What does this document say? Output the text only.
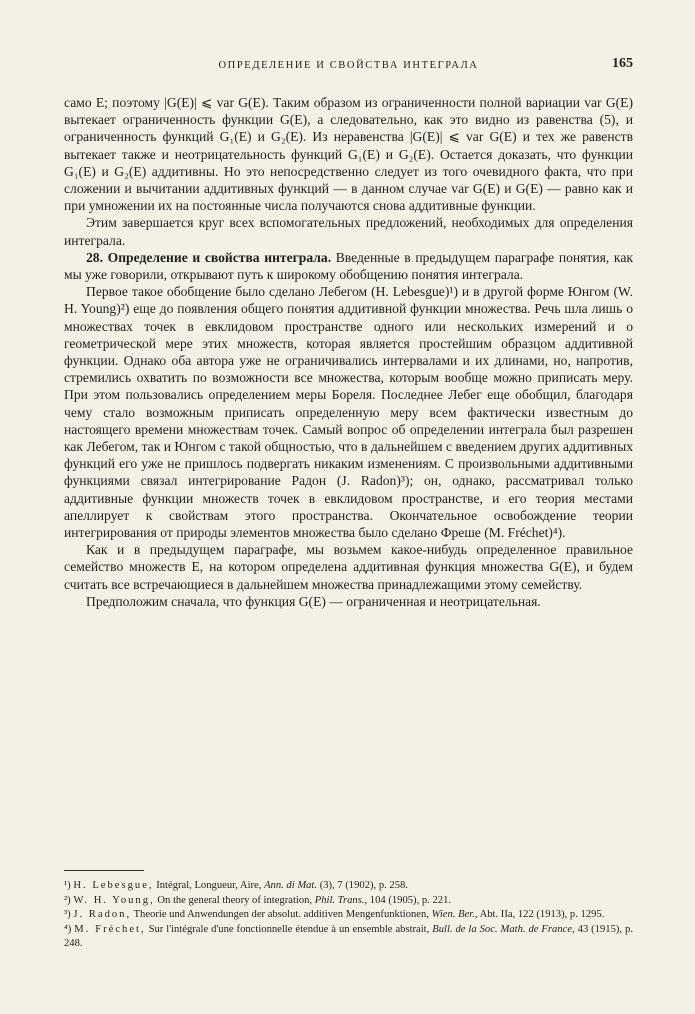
ОПРЕДЕЛЕНИЕ И СВОЙСТВА ИНТЕГРАЛА	165

само E; поэтому |G(E)| ⩽ var G(E). Таким образом из ограниченности полной вариации var G(E) вытекает ограниченность функции G(E), а следовательно, как это видно из равенства (5), и ограниченность функций G₁(E) и G₂(E). Из неравенства |G(E)| ⩽ var G(E) и тех же равенств вытекает также и неотрицательность функций G₁(E) и G₂(E). Остается доказать, что функции G₁(E) и G₂(E) аддитивны. Но это непосредственно следует из того очевидного факта, что при сложении и вычитании аддитивных функций — в данном случае var G(E) и G(E) — равно как и при умножении их на постоянные числа получаются снова аддитивные функции.

Этим завершается круг всех вспомогательных предложений, необходимых для определения интеграла.

28. Определение и свойства интеграла. Введенные в предыдущем параграфе понятия, как мы уже говорили, открывают путь к широкому обобщению понятия интеграла.

Первое такое обобщение было сделано Лебегом (H. Lebesgue)¹) и в другой форме Юнгом (W. H. Young)²) еще до появления общего понятия аддитивной функции множества. Речь шла лишь о множествах точек в евклидовом пространстве одного или нескольких измерений и о геометрической мере этих множеств, которая является простейшим образцом аддитивной функции. Однако оба автора уже не ограничивались интервалами и их длинами, но, напротив, стремились охватить по возможности все множества, которым вообще можно приписать меру. При этом пользовались определением меры Бореля. Последнее Лебег еще обобщил, благодаря чему стало возможным приписать определенную меру всем фактически известным до настоящего времени множествам точек. Самый вопрос об определении интеграла был разрешен как Лебегом, так и Юнгом с такой общностью, что в дальнейшем с введением других аддитивных функций его уже не пришлось подвергать никаким изменениям. С произвольными аддитивными функциями связал интегрирование Радон (J. Radon)³); он, однако, рассматривал только аддитивные функции множеств точек в евклидовом пространстве, и его теория местами апеллирует к свойствам этого пространства. Окончательное освобождение теории интегрирования от природы элементов множества было сделано Фреше (M. Fréchet)⁴).

Как и в предыдущем параграфе, мы возьмем какое-нибудь определенное правильное семейство множеств E, на котором определена аддитивная функция множества G(E), и будем считать все встречающиеся в дальнейшем множества принадлежащими этому семейству.

Предположим сначала, что функция G(E) — ограниченная и неотрицательная.

¹) H. Lebesgue, Intégral, Longueur, Aire, Ann. di Mat. (3), 7 (1902), p. 258.
²) W. H. Young, On the general theory of integration, Phil. Trans., 104 (1905), p. 221.
³) J. Radon, Theorie und Anwendungen der absolut. additiven Mengenfunktionen, Wien. Ber., Abt. IIa, 122 (1913), p. 1295.
⁴) M. Fréchet, Sur l'intégrale d'une fonctionnelle étendue à un ensemble abstrait, Bull. de la Soc. Math. de France, 43 (1915), p. 248.
